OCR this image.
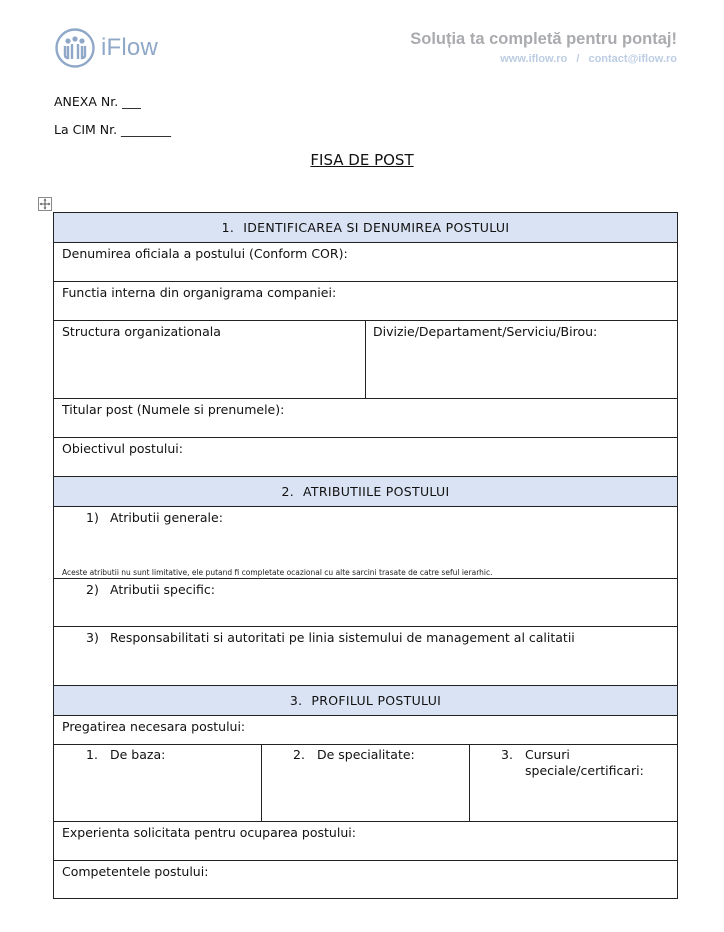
iFlow	Soluția ta completă pentru pontaj!
www.iflow.ro / contact@iflow.ro
ANEXA Nr. ___
La CIM Nr. ________
FISA DE POST
1. IDENTIFICAREA SI DENUMIREA POSTULUI
Denumirea oficiala a postului (Conform COR):
Functia interna din organigrama companiei:
Structura organizationala	Divizie/Departament/Serviciu/Birou:
Titular post (Numele si prenumele):
Obiectivul postului:
2. ATRIBUTIILE POSTULUI
1) Atributii generale:
Aceste atributii nu sunt limitative, ele putand fi completate ocazional cu alte sarcini trasate de catre seful ierarhic.
2) Atributii specific:
3) Responsabilitati si autoritati pe linia sistemului de management al calitatii
3. PROFILUL POSTULUI
Pregatirea necesara postului:
1. De baza:	2. De specialitate:	3. Cursuri speciale/certificari:
Experienta solicitata pentru ocuparea postului:
Competentele postului:
